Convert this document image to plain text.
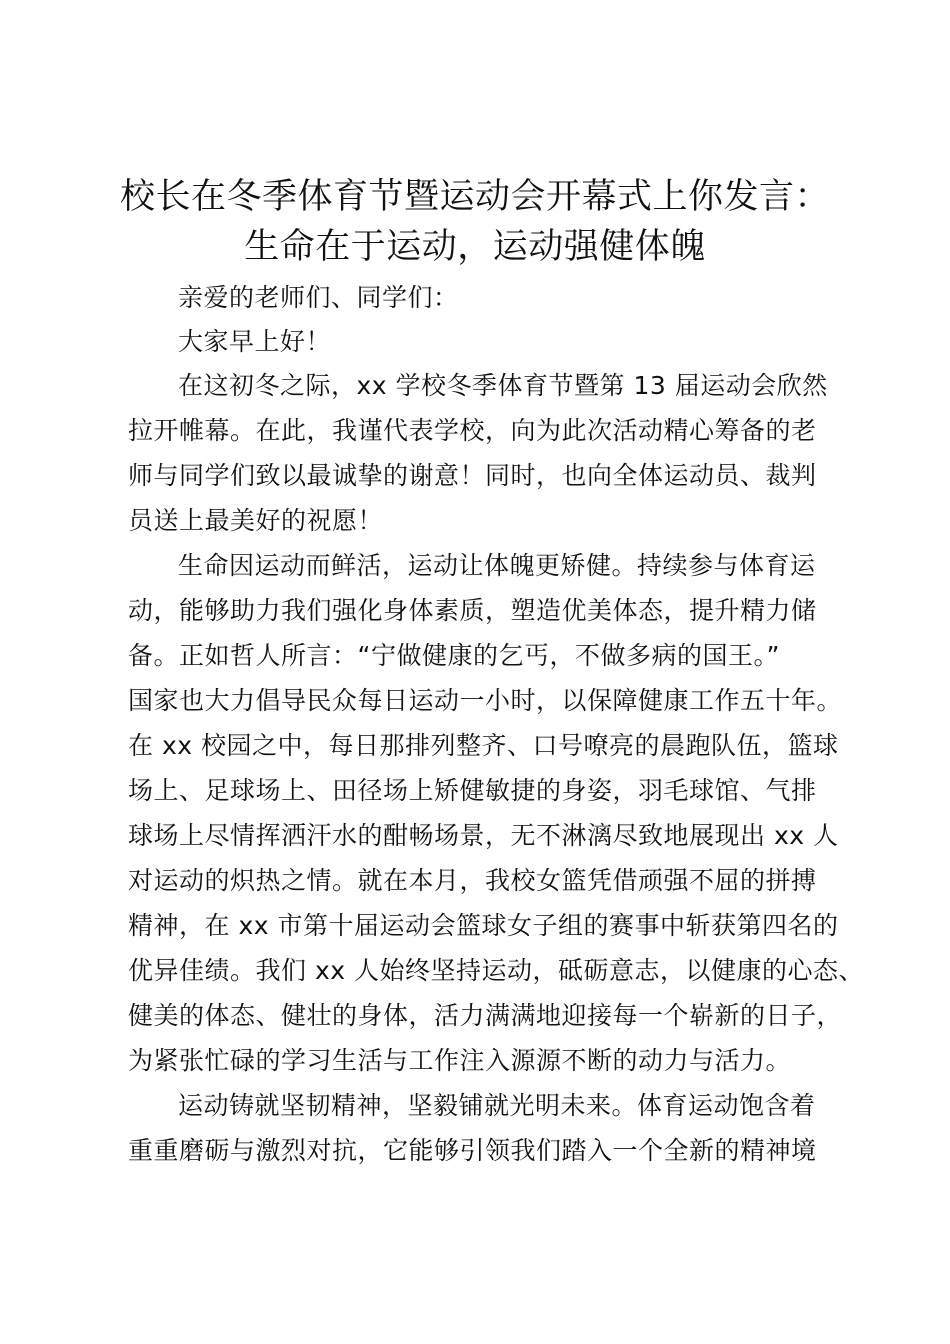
校长在冬季体育节暨运动会开幕式上你发言：
生命在于运动，运动强健体魄

亲爱的老师们、同学们：

大家早上好！

在这初冬之际，xx 学校冬季体育节暨第 13 届运动会欣然

拉开帷幕。在此，我谨代表学校，向为此次活动精心筹备的老

师与同学们致以最诚挚的谢意！同时，也向全体运动员、裁判

员送上最美好的祝愿！

生命因运动而鲜活，运动让体魄更矫健。持续参与体育运

动，能够助力我们强化身体素质，塑造优美体态，提升精力储

备。正如哲人所言：“宁做健康的乞丐，不做多病的国王。”

国家也大力倡导民众每日运动一小时，以保障健康工作五十年。

在 xx 校园之中，每日那排列整齐、口号嘹亮的晨跑队伍，篮球

场上、足球场上、田径场上矫健敏捷的身姿，羽毛球馆、气排

球场上尽情挥洒汗水的酣畅场景，无不淋漓尽致地展现出 xx 人

对运动的炽热之情。就在本月，我校女篮凭借顽强不屈的拼搏

精神，在 xx 市第十届运动会篮球女子组的赛事中斩获第四名的

优异佳绩。我们 xx 人始终坚持运动，砥砺意志，以健康的心态、

健美的体态、健壮的身体，活力满满地迎接每一个崭新的日子，

为紧张忙碌的学习生活与工作注入源源不断的动力与活力。

运动铸就坚韧精神，坚毅铺就光明未来。体育运动饱含着

重重磨砺与激烈对抗，它能够引领我们踏入一个全新的精神境
